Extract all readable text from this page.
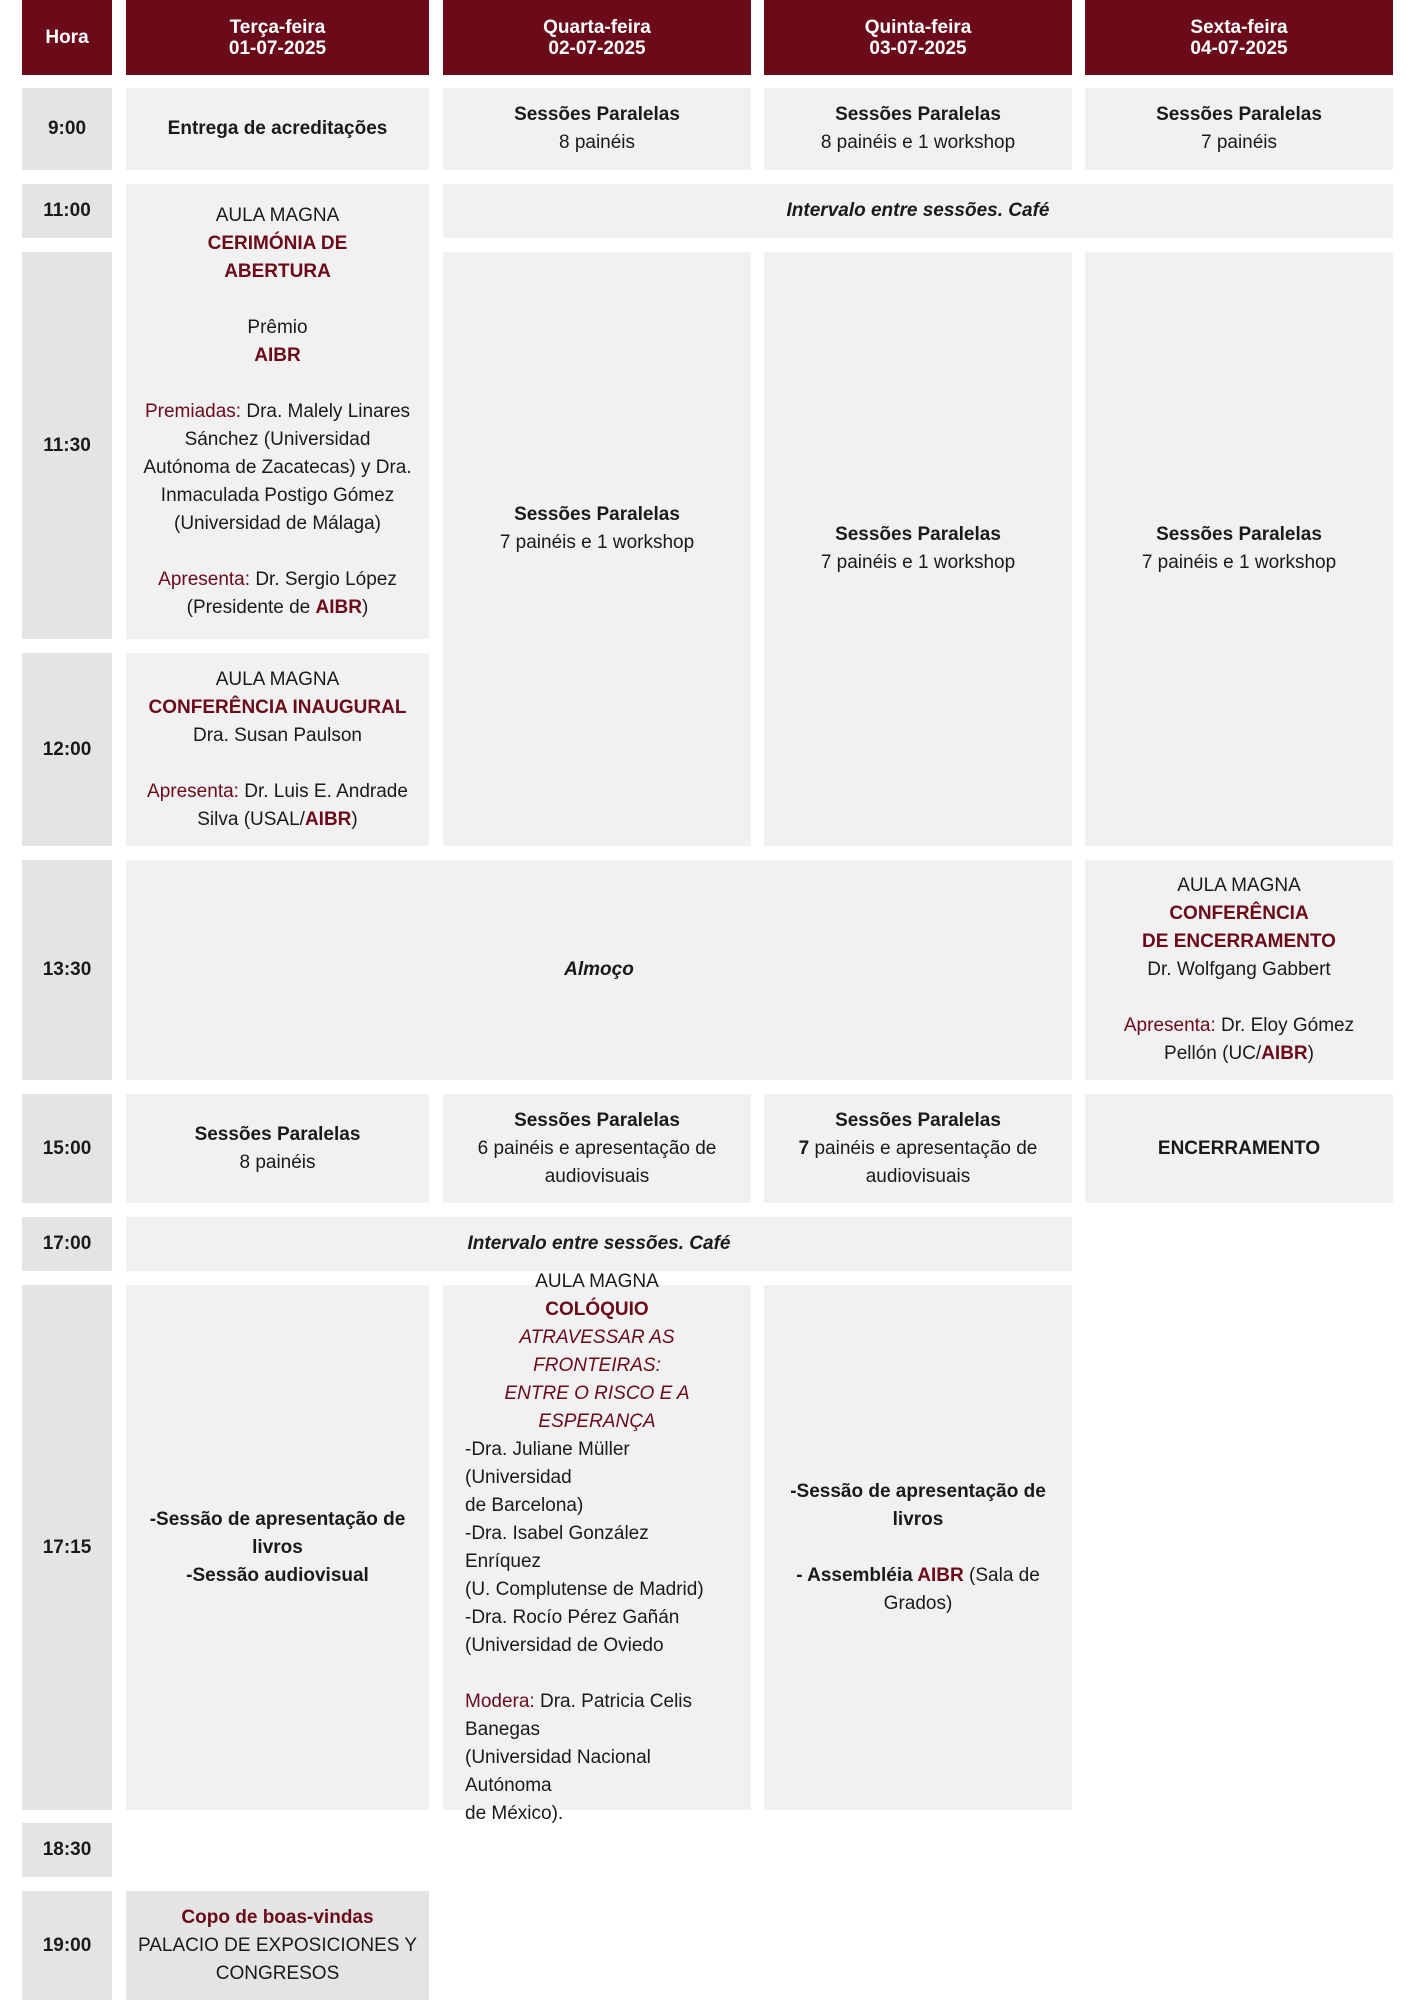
Hora	Terça-feira
01-07-2025
Quarta-feira
02-07-2025
Quinta-feira
03-07-2025
Sexta-feira
04-07-2025
9:00
11:00
11:30
12:00
13:30
15:00
17:00
17:15
18:30
19:00
Entrega de acreditações
Sessões Paralelas
8 painéis
Sessões Paralelas
8 painéis e 1 workshop
Sessões Paralelas
7 painéis
Intervalo entre sessões. Café
AULA MAGNA
CERIMÓNIA DE
ABERTURA
Prêmio
AIBR
Premiadas: Dra. Malely Linares
Sánchez (Universidad
Autónoma de Zacatecas) y Dra.
Inmaculada Postigo Gómez
(Universidad de Málaga)
Apresenta: Dr. Sergio López
(Presidente de AIBR)
Sessões Paralelas
7 painéis e 1 workshop	Sessões Paralelas
7 painéis e 1 workshop
Sessões Paralelas
7 painéis e 1 workshop
AULA MAGNA
CONFERÊNCIA INAUGURAL
Dra. Susan Paulson
Apresenta: Dr. Luis E. Andrade
Silva (USAL/AIBR)
Almoço
AULA MAGNA
CONFERÊNCIA
DE ENCERRAMENTO
Dr. Wolfgang Gabbert
Apresenta: Dr. Eloy Gómez
Pellón (UC/AIBR)
Sessões Paralelas
8 painéis
Sessões Paralelas
6 painéis e apresentação de
audiovisuais
Sessões Paralelas
7 painéis e apresentação de
audiovisuais
ENCERRAMENTO
Intervalo entre sessões. Café
-Sessão de apresentação de
livros
-Sessão audiovisual
AULA MAGNA
COLÓQUIO
ATRAVESSAR AS FRONTEIRAS:
ENTRE O RISCO E A ESPERANÇA
-Dra. Juliane Müller (Universidad
de Barcelona)
-Dra. Isabel González Enríquez
(U. Complutense de Madrid)
-Dra. Rocío Pérez Gañán
(Universidad de Oviedo
Modera: Dra. Patricia Celis
Banegas
(Universidad Nacional Autónoma
de México).
-Sessão de apresentação de
livros
- Assembléia AIBR (Sala de
Grados)
Copo de boas-vindas
PALACIO DE EXPOSICIONES Y
CONGRESOS
